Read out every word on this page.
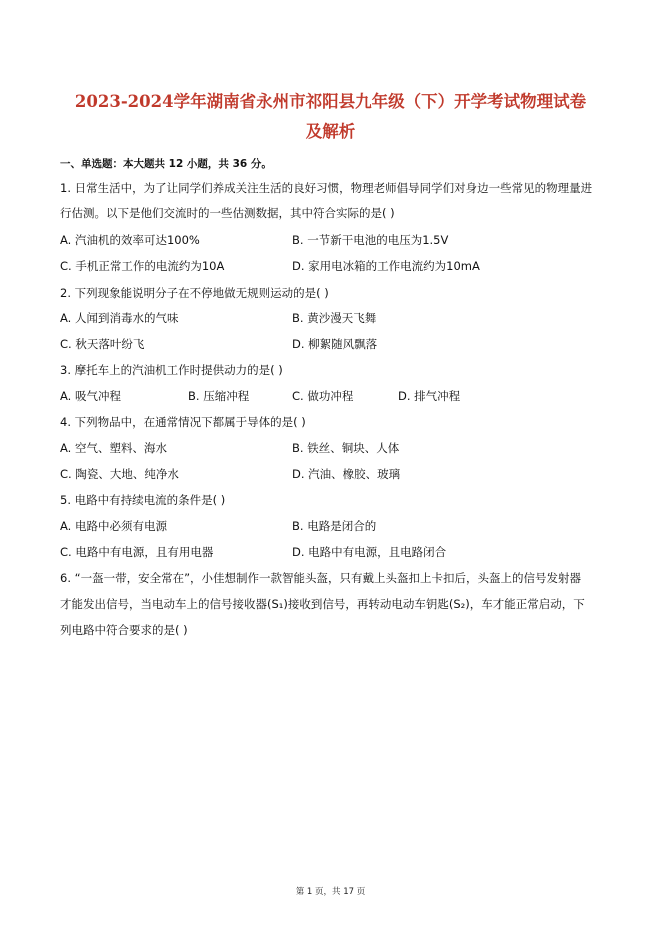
2023-2024学年湖南省永州市祁阳县九年级（下）开学考试物理试卷
及解析
一、单选题：本大题共 12 小题，共 36 分。
1. 日常生活中，为了让同学们养成关注生活的良好习惯，物理老师倡导同学们对身边一些常见的物理量进
行估测。以下是他们交流时的一些估测数据，其中符合实际的是( )
A. 汽油机的效率可达100%	B. 一节新干电池的电压为1.5V
C. 手机正常工作的电流约为10A	D. 家用电冰箱的工作电流约为10mA
2. 下列现象能说明分子在不停地做无规则运动的是( )
A. 人闻到消毒水的气味	B. 黄沙漫天飞舞
C. 秋天落叶纷飞	D. 柳絮随风飘落
3. 摩托车上的汽油机工作时提供动力的是( )
A. 吸气冲程	B. 压缩冲程	C. 做功冲程	D. 排气冲程
4. 下列物品中，在通常情况下都属于导体的是( )
A. 空气、塑料、海水	B. 铁丝、铜块、人体
C. 陶瓷、大地、纯净水	D. 汽油、橡胶、玻璃
5. 电路中有持续电流的条件是( )
A. 电路中必须有电源	B. 电路是闭合的
C. 电路中有电源，且有用电器	D. 电路中有电源，且电路闭合
6. “一盔一带，安全常在”，小佳想制作一款智能头盔，只有戴上头盔扣上卡扣后，头盔上的信号发射器
才能发出信号，当电动车上的信号接收器(S₁)接收到信号，再转动电动车钥匙(S₂)，车才能正常启动，下
列电路中符合要求的是( )
第 1 页，共 17 页
